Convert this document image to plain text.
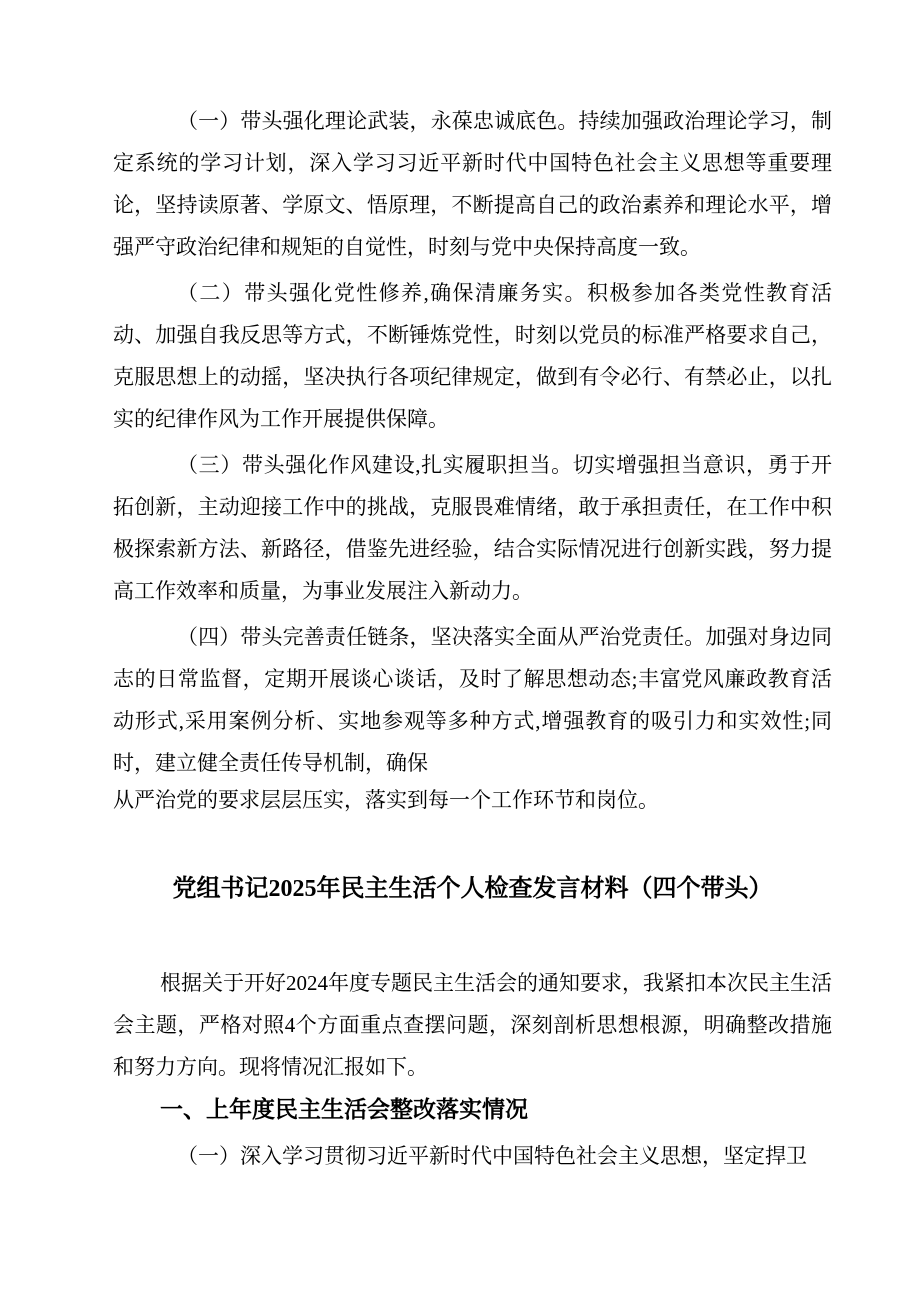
（一）带头强化理论武装，永葆忠诚底色。持续加强政治理论学习，制定系统的学习计划，深入学习习近平新时代中国特色社会主义思想等重要理论，坚持读原著、学原文、悟原理，不断提高自己的政治素养和理论水平，增强严守政治纪律和规矩的自觉性，时刻与党中央保持高度一致。

（二）带头强化党性修养,确保清廉务实。积极参加各类党性教育活动、加强自我反思等方式，不断锤炼党性，时刻以党员的标准严格要求自己，克服思想上的动摇，坚决执行各项纪律规定，做到有令必行、有禁必止，以扎实的纪律作风为工作开展提供保障。

（三）带头强化作风建设,扎实履职担当。切实增强担当意识，勇于开拓创新，主动迎接工作中的挑战，克服畏难情绪，敢于承担责任，在工作中积极探索新方法、新路径，借鉴先进经验，结合实际情况进行创新实践，努力提高工作效率和质量，为事业发展注入新动力。

（四）带头完善责任链条，坚决落实全面从严治党责任。加强对身边同志的日常监督，定期开展谈心谈话，及时了解思想动态;丰富党风廉政教育活动形式,采用案例分析、实地参观等多种方式,增强教育的吸引力和实效性;同时，建立健全责任传导机制，确保

从严治党的要求层层压实，落实到每一个工作环节和岗位。

党组书记2025年民主生活个人检查发言材料（四个带头）

根据关于开好2024年度专题民主生活会的通知要求，我紧扣本次民主生活会主题，严格对照4个方面重点查摆问题，深刻剖析思想根源，明确整改措施和努力方向。现将情况汇报如下。

一、上年度民主生活会整改落实情况

（一）深入学习贯彻习近平新时代中国特色社会主义思想，坚定捍卫
